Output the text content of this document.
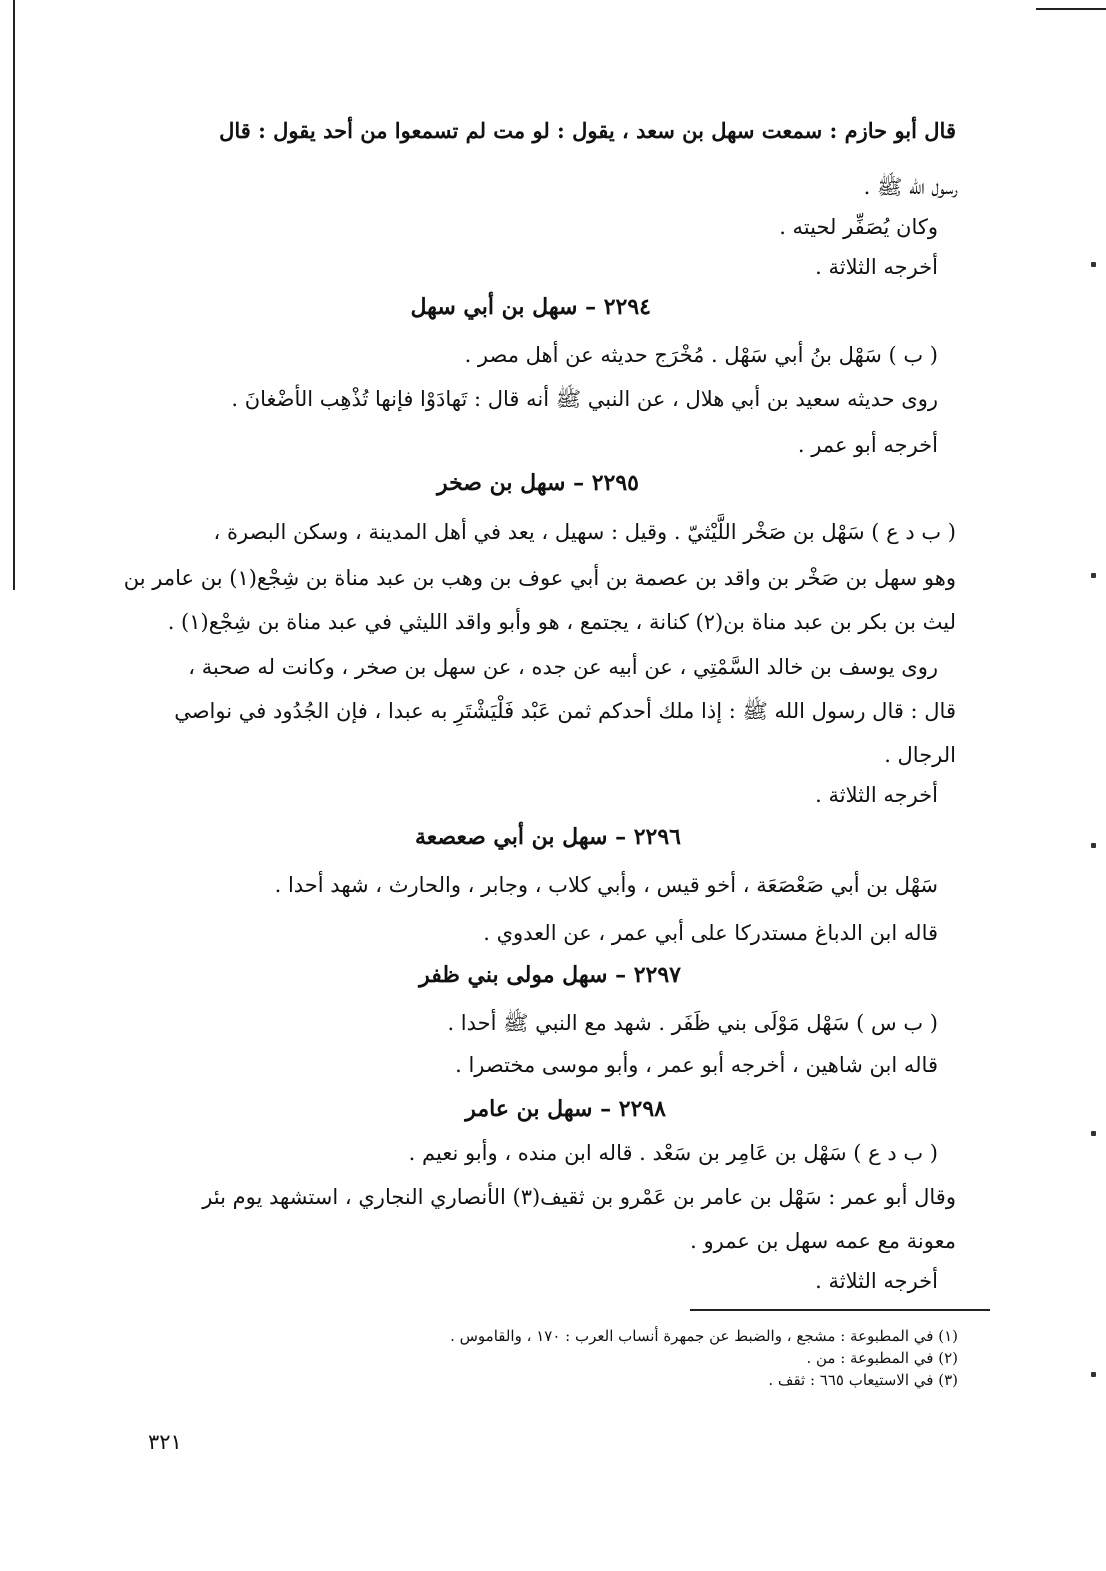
قال أبو حازم : سمعت سهل بن سعد ، يقول : لو مت لم تسمعوا من أحد يقول : قال
رسول الله ﷺ .
وكان يُصَفِّر لحيته .
أخرجه الثلاثة .
٢٢٩٤ – سهل بن أبي سهل
( ب ) سَهْل بنُ أبي سَهْل . مُخْرَج حديثه عن أهل مصر .
روى حديثه سعيد بن أبي هلال ، عن النبي ﷺ أنه قال : تَهادَوْا فإنها تُذْهِب الأضْغانَ .
أخرجه أبو عمر .
٢٢٩٥ – سهل بن صخر
( ب د ع ) سَهْل بن صَخْر اللَّيْثيّ . وقيل : سهيل ، يعد في أهل المدينة ، وسكن البصرة ،
وهو سهل بن صَخْر بن واقد بن عصمة بن أبي عوف بن وهب بن عبد مناة بن شِجْع(١) بن عامر بن
ليث بن بكر بن عبد مناة بن(٢) كنانة ، يجتمع ، هو وأبو واقد الليثي في عبد مناة بن شِجْع(١) .
روى يوسف بن خالد السَّمْتِي ، عن أبيه عن جده ، عن سهل بن صخر ، وكانت له صحبة ،
قال : قال رسول الله ﷺ : إذا ملك أحدكم ثمن عَبْد فَلْيَشْتَرِ به عبدا ، فإن الجُدُود في نواصي
الرجال .
أخرجه الثلاثة .
٢٢٩٦ – سهل بن أبي صعصعة
سَهْل بن أبي صَعْصَعَة ، أخو قيس ، وأبي كلاب ، وجابر ، والحارث ، شهد أحدا .
قاله ابن الدباغ مستدركا على أبي عمر ، عن العدوي .
٢٢٩٧ – سهل مولى بني ظفر
( ب س ) سَهْل مَوْلَى بني ظَفَر . شهد مع النبي ﷺ أحدا .
قاله ابن شاهين ، أخرجه أبو عمر ، وأبو موسى مختصرا .
٢٢٩٨ – سهل بن عامر
( ب د ع ) سَهْل بن عَامِر بن سَعْد . قاله ابن منده ، وأبو نعيم .
وقال أبو عمر : سَهْل بن عامر بن عَمْرو بن ثقيف(٣) الأنصاري النجاري ، استشهد يوم بئر
معونة مع عمه سهل بن عمرو .
أخرجه الثلاثة .
(١) في المطبوعة : مشجع ، والضبط عن جمهرة أنساب العرب : ١٧٠ ، والقاموس .
(٢) في المطبوعة : من .
(٣) في الاستيعاب ٦٦٥ : ثقف .
٣٢١
